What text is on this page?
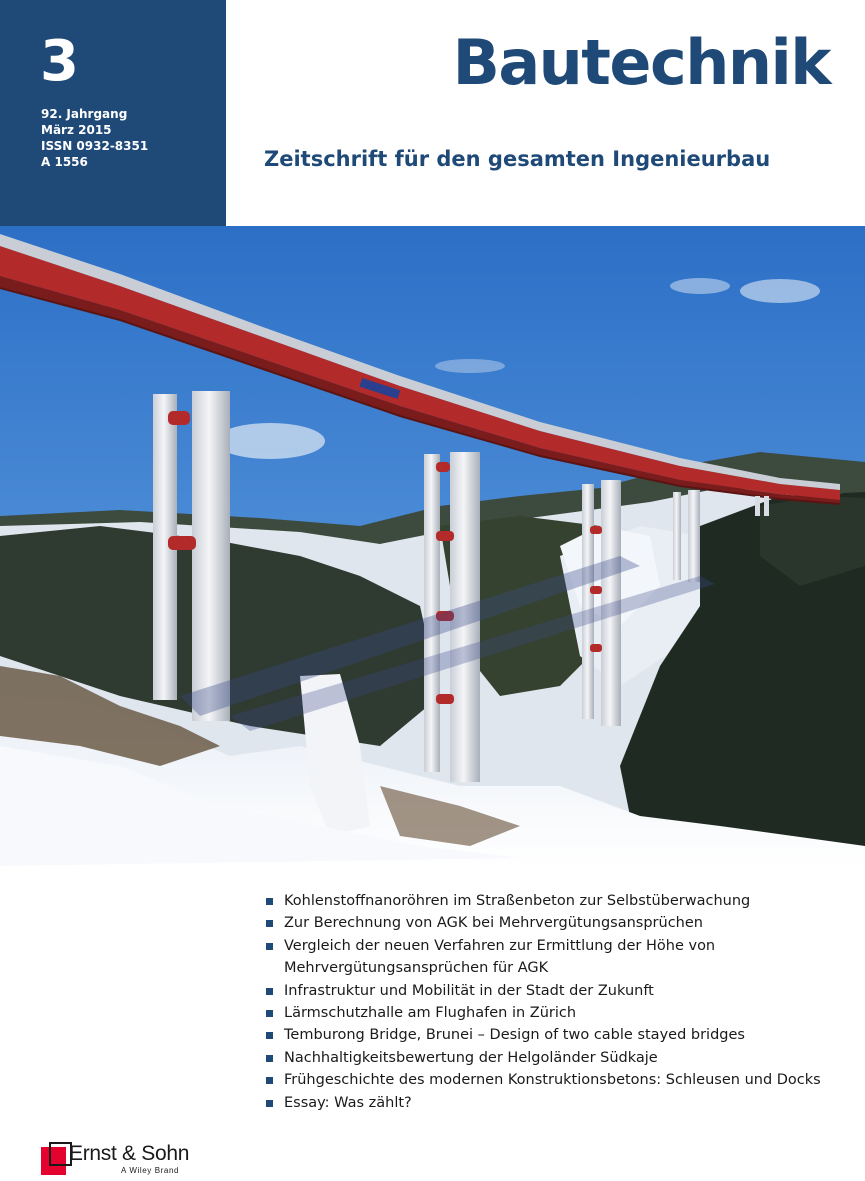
3
92. Jahrgang
März 2015
ISSN 0932-8351
A 1556
Bautechnik
Zeitschrift für den gesamten Ingenieurbau
Kohlenstoffnanoröhren im Straßenbeton zur Selbstüberwachung
Zur Berechnung von AGK bei Mehrvergütungsansprüchen
Vergleich der neuen Verfahren zur Ermittlung der Höhe von
Mehrvergütungsansprüchen für AGK
Infrastruktur und Mobilität in der Stadt der Zukunft
Lärmschutzhalle am Flughafen in Zürich
Temburong Bridge, Brunei – Design of two cable stayed bridges
Nachhaltigkeitsbewertung der Helgoländer Südkaje
Frühgeschichte des modernen Konstruktionsbetons: Schleusen und Docks
Essay: Was zählt?
Ernst & Sohn
A Wiley Brand
